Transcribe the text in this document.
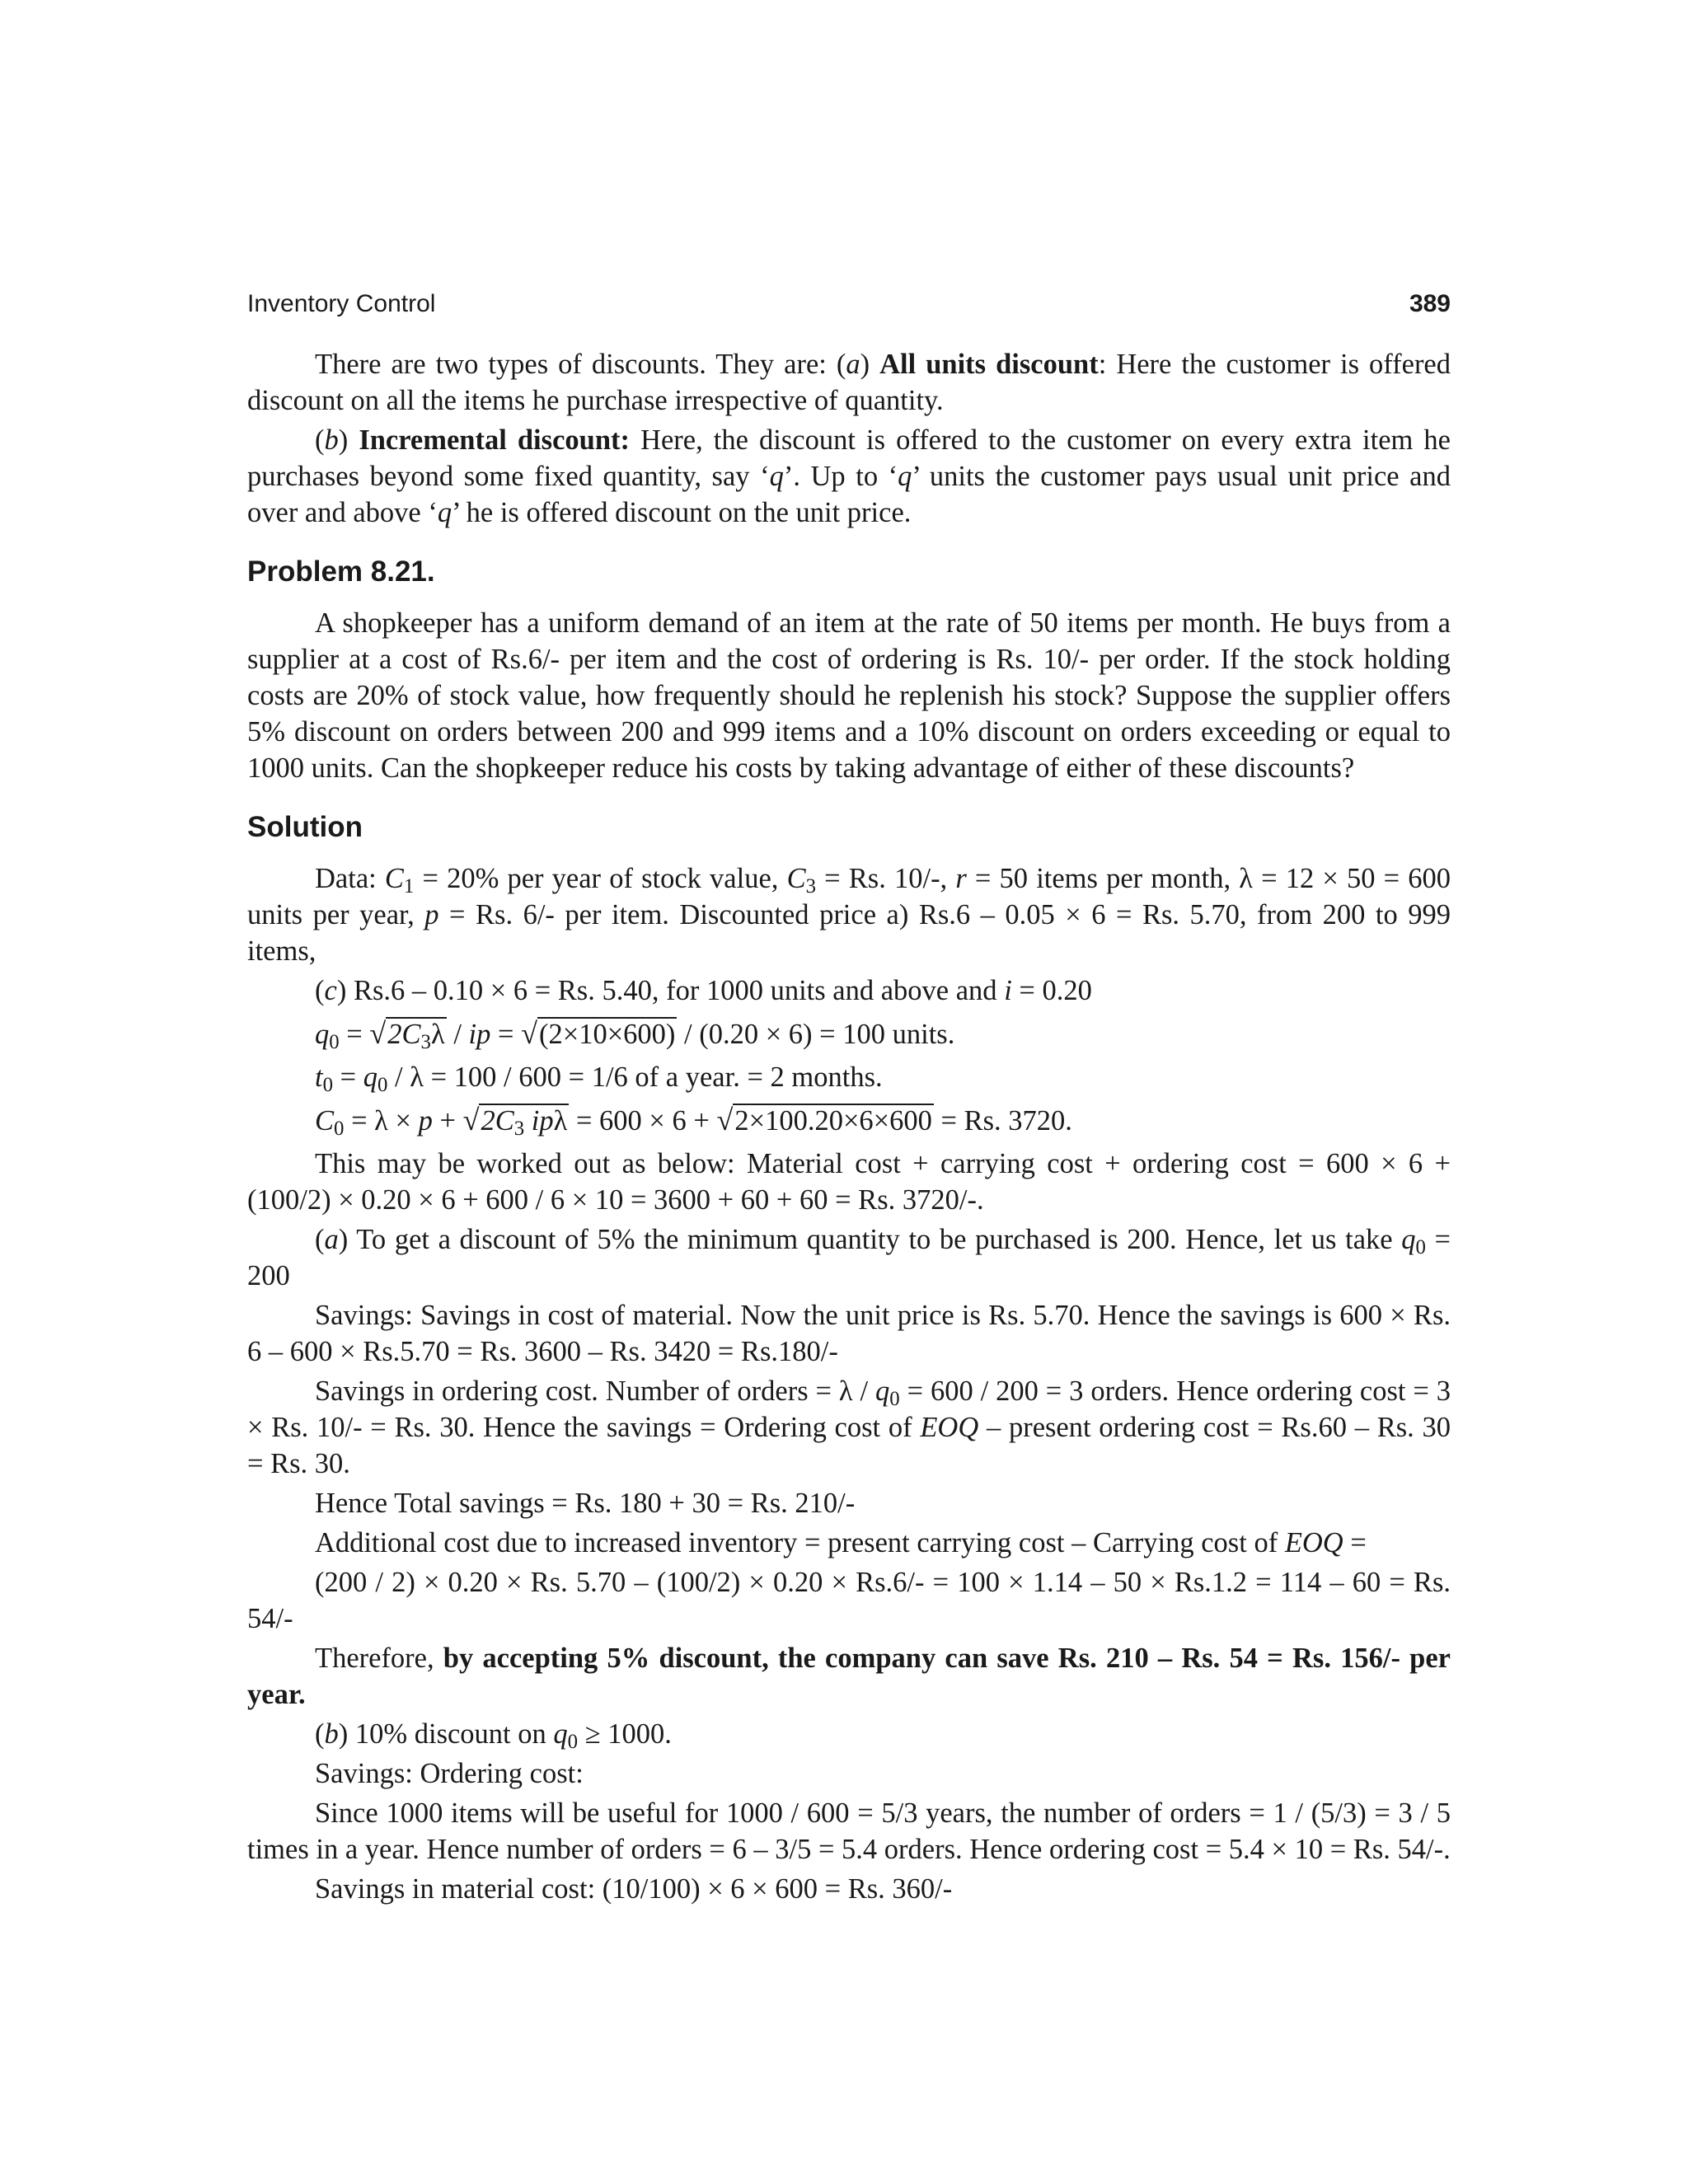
Inventory Control	389

There are two types of discounts. They are: (a) All units discount: Here the customer is offered discount on all the items he purchase irrespective of quantity.

(b) Incremental discount: Here, the discount is offered to the customer on every extra item he purchases beyond some fixed quantity, say ‘q’. Up to ‘q’ units the customer pays usual unit price and over and above ‘q’ he is offered discount on the unit price.

Problem 8.21.

A shopkeeper has a uniform demand of an item at the rate of 50 items per month. He buys from a supplier at a cost of Rs.6/- per item and the cost of ordering is Rs. 10/- per order. If the stock holding costs are 20% of stock value, how frequently should he replenish his stock? Suppose the supplier offers 5% discount on orders between 200 and 999 items and a 10% discount on orders exceeding or equal to 1000 units. Can the shopkeeper reduce his costs by taking advantage of either of these discounts?

Solution

Data: $C_1 = 20\%$ per year of stock value, $C_3 = Rs$. 10/-, r = 50 items per month, λ = 12 × 50 = 600 units per year, p = Rs. 6/- per item. Discounted price a) Rs.6 – 0.05 × 6 = Rs. 5.70, from 200 to 999 items,

(c) Rs.6 – 0.10 × 6 = Rs. 5.40, for 1000 units and above and i = 0.20

$q_0 = √2C_3\lambda$ / ip = √(2×10×600) / (0.20 × 6) = 100 units.

$t_0 = q_0 / \lambda = 100 / 600 = 1/6$ of a year. = 2 months.

$C_0 = \lambda \times p + √2C_3$ ipλ = 600 × 6 + √2×100.20×6×600 = Rs. 3720.

This may be worked out as below: Material cost + carrying cost + ordering cost = 600 × 6 + (100/2) × 0.20 × 6 + 600 / 6 × 10 = 3600 + 60 + 60 = Rs. 3720/-.

(a) To get a discount of 5% the minimum quantity to be purchased is 200. Hence, let us take $q_0 = 200$

Savings: Savings in cost of material. Now the unit price is Rs. 5.70. Hence the savings is 600 × Rs. 6 – 600 × Rs.5.70 = Rs. 3600 – Rs. 3420 = Rs.180/-

Savings in ordering cost. Number of orders = $\lambda / q_0 = 600 / 200 = 3$ orders. Hence ordering cost = 3 × Rs. 10/- = Rs. 30. Hence the savings = Ordering cost of EOQ – present ordering cost = Rs.60 – Rs. 30 = Rs. 30.

Hence Total savings = Rs. 180 + 30 = Rs. 210/-

Additional cost due to increased inventory = present carrying cost – Carrying cost of EOQ =

(200 / 2) × 0.20 × Rs. 5.70 – (100/2) × 0.20 × Rs.6/- = 100 × 1.14 – 50 × Rs.1.2 = 114 – 60 = Rs. 54/-

Therefore, by accepting 5% discount, the company can save Rs. 210 – Rs. 54 = Rs. 156/- per year.

(b) 10% discount on $q_0 \ge 1000$.

Savings: Ordering cost:

Since 1000 items will be useful for 1000 / 600 = 5/3 years, the number of orders = 1 / (5/3) = 3 / 5 times in a year. Hence number of orders = 6 – 3/5 = 5.4 orders. Hence ordering cost = 5.4 × 10 = Rs. 54/-.

Savings in material cost: (10/100) × 6 × 600 = Rs. 360/-
